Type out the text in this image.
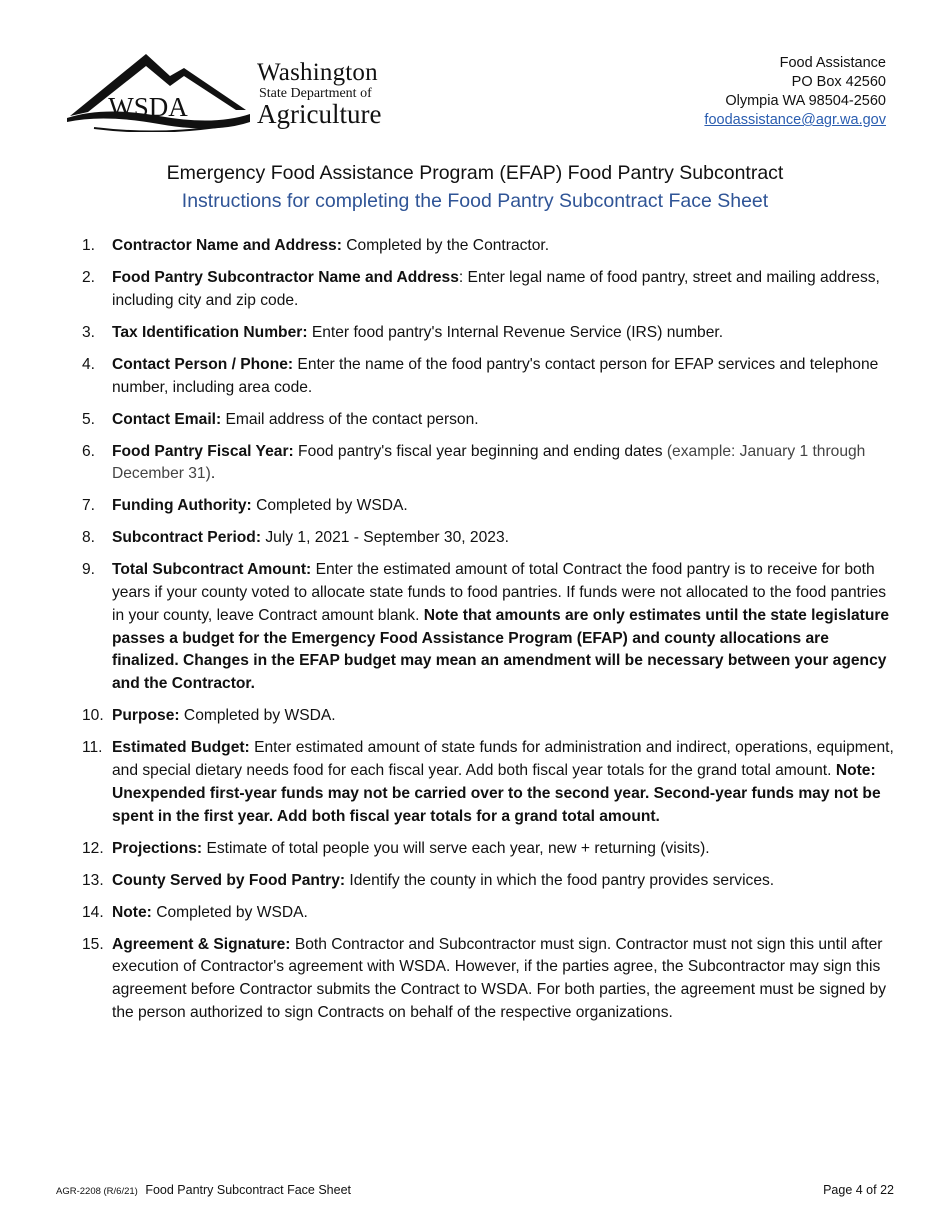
WSDA
Washington
State Department of
Agriculture
Food Assistance
PO Box 42560
Olympia WA 98504-2560
foodassistance@agr.wa.gov
Emergency Food Assistance Program (EFAP) Food Pantry Subcontract
Instructions for completing the Food Pantry Subcontract Face Sheet
1. Contractor Name and Address: Completed by the Contractor.
2. Food Pantry Subcontractor Name and Address: Enter legal name of food pantry, street and mailing address, including city and zip code.
3. Tax Identification Number: Enter food pantry's Internal Revenue Service (IRS) number.
4. Contact Person / Phone: Enter the name of the food pantry's contact person for EFAP services and telephone number, including area code.
5. Contact Email: Email address of the contact person.
6. Food Pantry Fiscal Year: Food pantry's fiscal year beginning and ending dates (example: January 1 through December 31).
7. Funding Authority: Completed by WSDA.
8. Subcontract Period: July 1, 2021 - September 30, 2023.
9. Total Subcontract Amount: Enter the estimated amount of total Contract the food pantry is to receive for both years if your county voted to allocate state funds to food pantries. If funds were not allocated to the food pantries in your county, leave Contract amount blank. Note that amounts are only estimates until the state legislature passes a budget for the Emergency Food Assistance Program (EFAP) and county allocations are finalized. Changes in the EFAP budget may mean an amendment will be necessary between your agency and the Contractor.
10. Purpose: Completed by WSDA.
11. Estimated Budget: Enter estimated amount of state funds for administration and indirect, operations, equipment, and special dietary needs food for each fiscal year. Add both fiscal year totals for the grand total amount. Note: Unexpended first-year funds may not be carried over to the second year. Second-year funds may not be spent in the first year. Add both fiscal year totals for a grand total amount.
12. Projections: Estimate of total people you will serve each year, new + returning (visits).
13. County Served by Food Pantry: Identify the county in which the food pantry provides services.
14. Note: Completed by WSDA.
15. Agreement & Signature: Both Contractor and Subcontractor must sign. Contractor must not sign this until after execution of Contractor's agreement with WSDA. However, if the parties agree, the Subcontractor may sign this agreement before Contractor submits the Contract to WSDA. For both parties, the agreement must be signed by the person authorized to sign Contracts on behalf of the respective organizations.
AGR-2208 (R/6/21) Food Pantry Subcontract Face Sheet	Page 4 of 22
